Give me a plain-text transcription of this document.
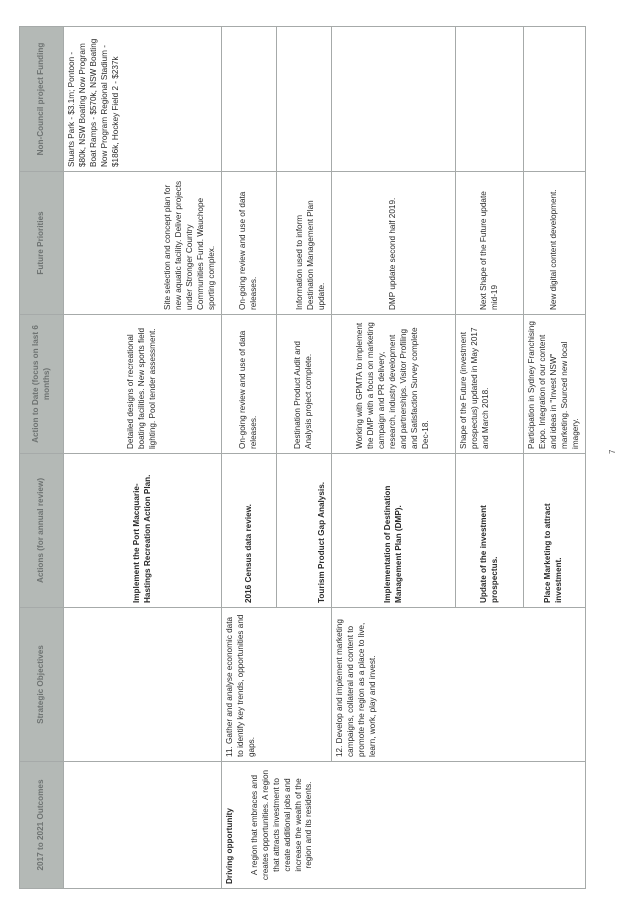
2017 to 2021 Outcomes	Strategic Objectives	Actions (for annual review)	Action to Date (focus on last 6 months)	Future Priorities	Non-Council project Funding
		Implement the Port Macquarie-Hastings Recreation Action Plan.	Detailed designs of recreational boating facilities. New sports field lighting. Pool tender assessment.	Site selection and concept plan for new aquatic facility. Deliver projects under Stronger Country Communities Fund. Wauchope sporting complex.	Stuarts Park - $3.1m; Pontoon - $80k, NSW Boating Now Program Boat Ramps - $570k, NSW Boating Now Program Regional Stadium - $186k, Hockey Field 2 - $237k

Driving opportunity A region that embraces and creates opportunities. A region that attracts investment to create additional jobs and increase the wealth of the region and its residents.	11. Gather and analyse economic data to identify key trends, opportunities and gaps.	2016 Census data review.	On-going review and use of data releases.	On-going review and use of data releases.	
		Tourism Product Gap Analysis.	Destination Product Audit and Analysis project complete.	Information used to inform Destination Management Plan update.	
	12. Develop and implement marketing campaigns, collateral and content to promote the region as a place to live, learn, work, play and invest.	Implementation of Destination Management Plan (DMP).	Working with GPMTA to implement the DMP with a focus on marketing campaign and PR delivery, research, industry development and partnerships. Visitor Profiling and Satisfaction Survey complete Dec-18.	DMP update second half 2019.	
		Update of the investment prospectus.	Shape of the Future (investment prospectus) updated in May 2017 and March 2018.	Next Shape of the Future update mid-19	
		Place Marketing to attract investment.	Participation in Sydney Franchising Expo. Integration of our content and ideas in "Invest NSW" marketing. Sourced new local imagery.	New digital content development.	
7
